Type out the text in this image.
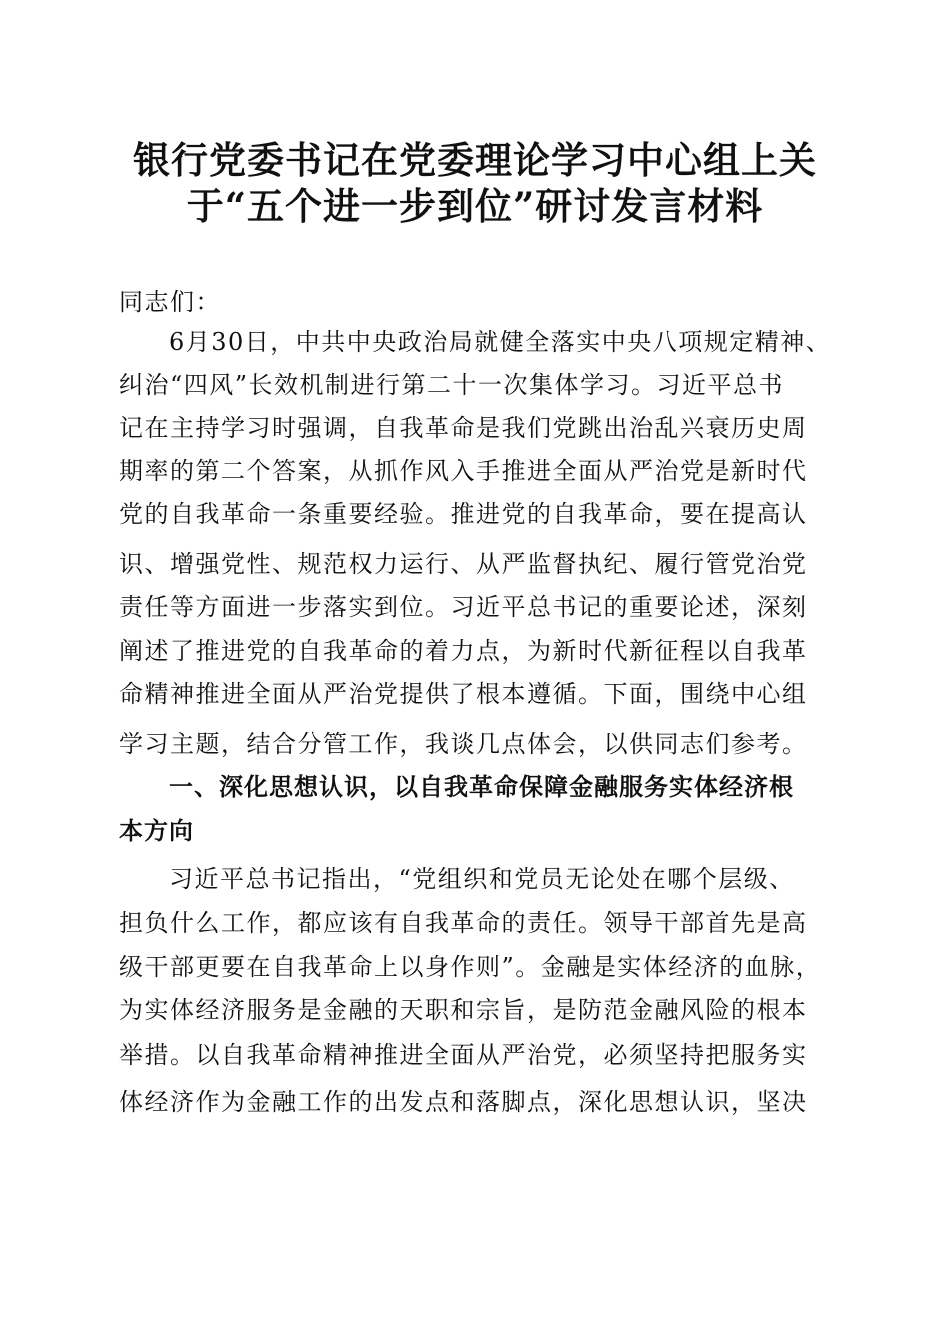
银行党委书记在党委理论学习中心组上关
于“五个进一步到位”研讨发言材料
同志们：
6月30日，中共中央政治局就健全落实中央八项规定精神、
纠治“四风”长效机制进行第二十一次集体学习。习近平总书
记在主持学习时强调，自我革命是我们党跳出治乱兴衰历史周
期率的第二个答案，从抓作风入手推进全面从严治党是新时代
党的自我革命一条重要经验。推进党的自我革命，要在提高认
识、增强党性、规范权力运行、从严监督执纪、履行管党治党
责任等方面进一步落实到位。习近平总书记的重要论述，深刻
阐述了推进党的自我革命的着力点，为新时代新征程以自我革
命精神推进全面从严治党提供了根本遵循。下面，围绕中心组
学习主题，结合分管工作，我谈几点体会，以供同志们参考。
一、深化思想认识，以自我革命保障金融服务实体经济根
本方向
习近平总书记指出，“党组织和党员无论处在哪个层级、
担负什么工作，都应该有自我革命的责任。领导干部首先是高
级干部更要在自我革命上以身作则”。金融是实体经济的血脉，
为实体经济服务是金融的天职和宗旨，是防范金融风险的根本
举措。以自我革命精神推进全面从严治党，必须坚持把服务实
体经济作为金融工作的出发点和落脚点，深化思想认识，坚决
